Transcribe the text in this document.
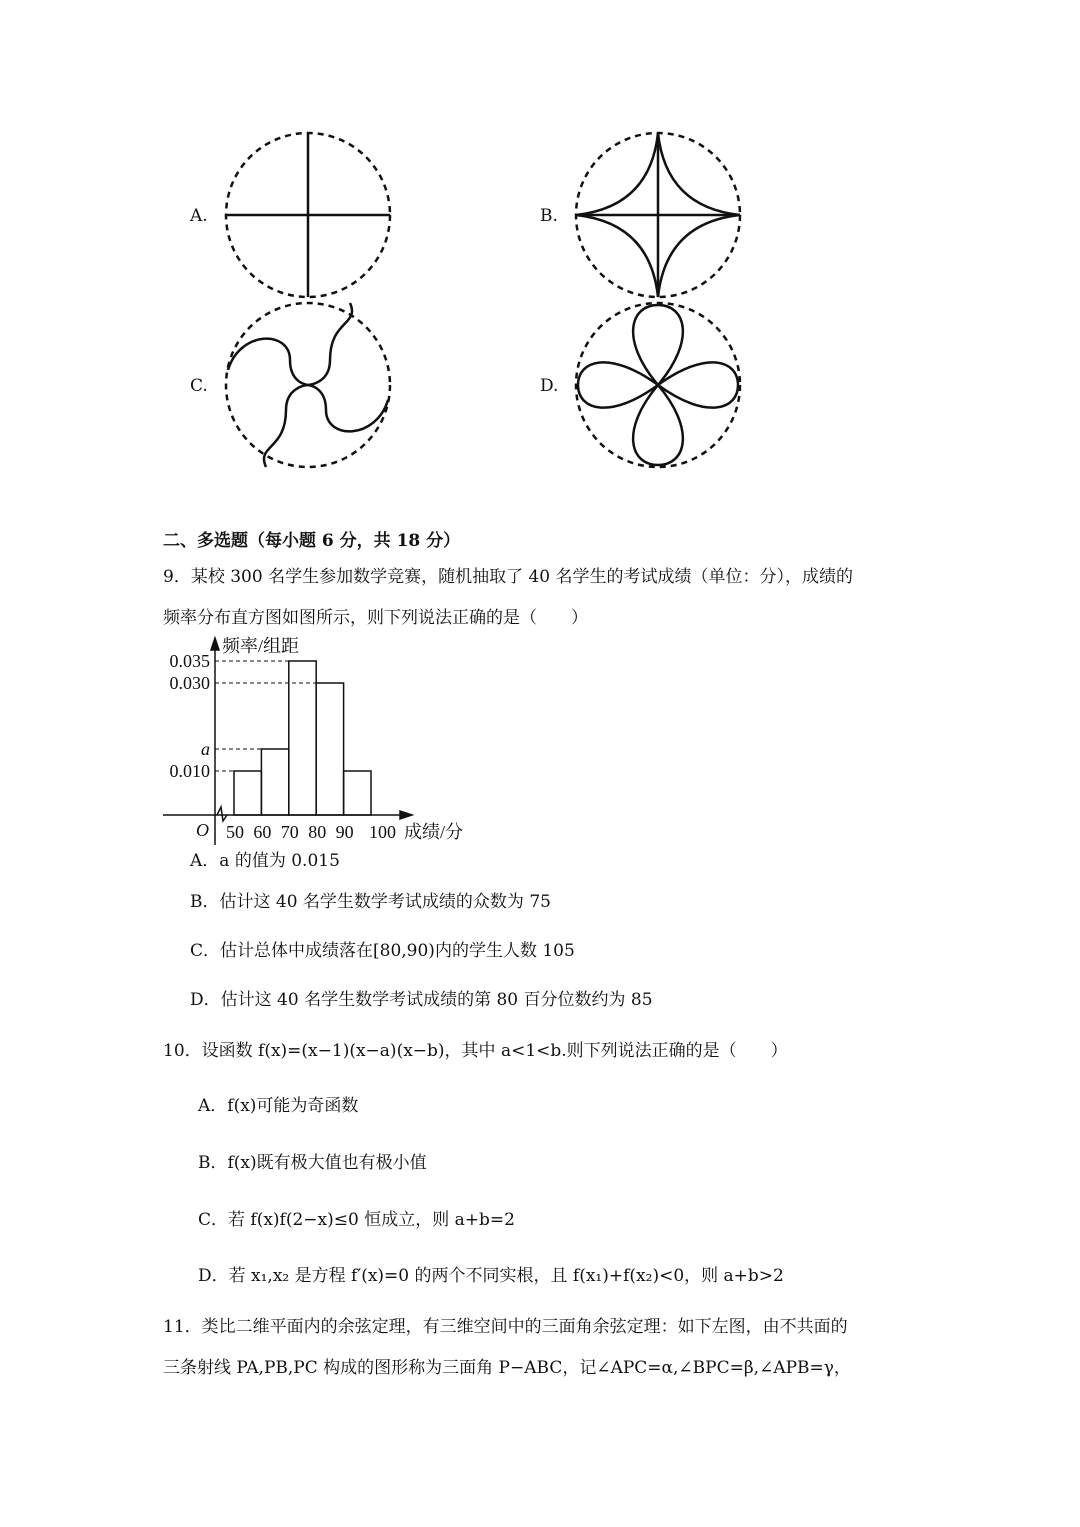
A.	B.
C.	D.
二、多选题（每小题 6 分，共 18 分）
9．某校 300 名学生参加数学竞赛，随机抽取了 40 名学生的考试成绩（单位：分），成绩的
频率分布直方图如图所示，则下列说法正确的是（　　）
频率/组距
成绩/分
O 50 60 70 80 90 100
0.035
0.030
a
0.010
A．a 的值为 0.015
B．估计这 40 名学生数学考试成绩的众数为 75
C．估计总体中成绩落在[80,90)内的学生人数 105
D．估计这 40 名学生数学考试成绩的第 80 百分位数约为 85
10．设函数 f(x)=(x−1)(x−a)(x−b)，其中 a<1<b.则下列说法正确的是（　　）
A．f(x)可能为奇函数
B．f(x)既有极大值也有极小值
C．若 f(x)f(2−x)≤0 恒成立，则 a+b=2
D．若 x₁,x₂ 是方程 f′(x)=0 的两个不同实根，且 f(x₁)+f(x₂)<0，则 a+b>2
11．类比二维平面内的余弦定理，有三维空间中的三面角余弦定理：如下左图，由不共面的
三条射线 PA,PB,PC 构成的图形称为三面角 P−ABC，记∠APC=α,∠BPC=β,∠APB=γ，
